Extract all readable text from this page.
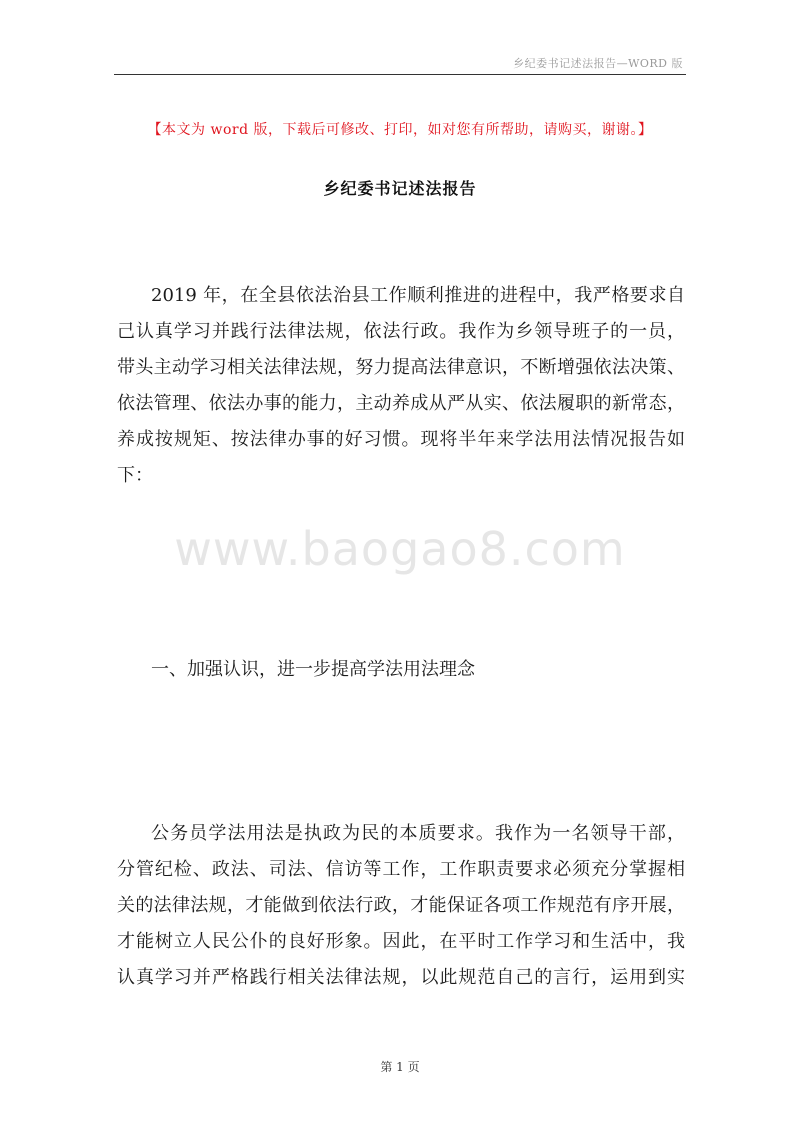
乡纪委书记述法报告—WORD 版
【本文为 word 版，下载后可修改、打印，如对您有所帮助，请购买，谢谢。】
乡纪委书记述法报告
2019 年，在全县依法治县工作顺利推进的进程中，我严格要求自
己认真学习并践行法律法规，依法行政。我作为乡领导班子的一员，
带头主动学习相关法律法规，努力提高法律意识，不断增强依法决策、
依法管理、依法办事的能力，主动养成从严从实、依法履职的新常态，
养成按规矩、按法律办事的好习惯。现将半年来学法用法情况报告如
下：
www.baogao8.com
一、加强认识，进一步提高学法用法理念
公务员学法用法是执政为民的本质要求。我作为一名领导干部，
分管纪检、政法、司法、信访等工作，工作职责要求必须充分掌握相
关的法律法规，才能做到依法行政，才能保证各项工作规范有序开展，
才能树立人民公仆的良好形象。因此，在平时工作学习和生活中，我
认真学习并严格践行相关法律法规，以此规范自己的言行，运用到实
第 1 页
